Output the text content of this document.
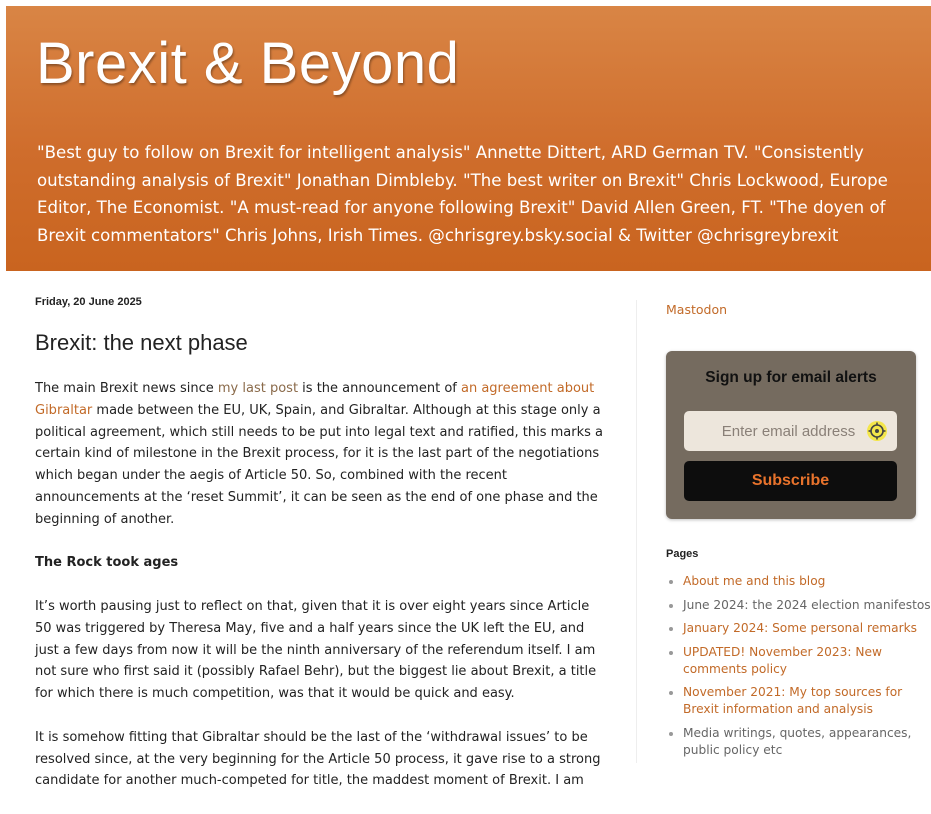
Brexit & Beyond

"Best guy to follow on Brexit for intelligent analysis" Annette Dittert, ARD German TV. "Consistently outstanding analysis of Brexit" Jonathan Dimbleby. "The best writer on Brexit" Chris Lockwood, Europe Editor, The Economist. "A must-read for anyone following Brexit" David Allen Green, FT. "The doyen of Brexit commentators" Chris Johns, Irish Times. @chrisgrey.bsky.social & Twitter @chrisgreybrexit

Friday, 20 June 2025
Brexit: the next phase

The main Brexit news since my last post is the announcement of an agreement about Gibraltar made between the EU, UK, Spain, and Gibraltar. Although at this stage only a political agreement, which still needs to be put into legal text and ratified, this marks a certain kind of milestone in the Brexit process, for it is the last part of the negotiations which began under the aegis of Article 50. So, combined with the recent announcements at the ‘reset Summit’, it can be seen as the end of one phase and the beginning of another.

The Rock took ages

It’s worth pausing just to reflect on that, given that it is over eight years since Article 50 was triggered by Theresa May, five and a half years since the UK left the EU, and just a few days from now it will be the ninth anniversary of the referendum itself. I am not sure who first said it (possibly Rafael Behr), but the biggest lie about Brexit, a title for which there is much competition, was that it would be quick and easy.

It is somehow fitting that Gibraltar should be the last of the ‘withdrawal issues’ to be resolved since, at the very beginning for the Article 50 process, it gave rise to a strong candidate for another much-competed for title, the maddest moment of Brexit. I am

Mastodon
Sign up for email alerts
Enter email address
Subscribe
Pages
• About me and this blog
• June 2024: the 2024 election manifestos
• January 2024: Some personal remarks
• UPDATED! November 2023: New comments policy
• November 2021: My top sources for Brexit information and analysis
• Media writings, quotes, appearances, public policy etc
